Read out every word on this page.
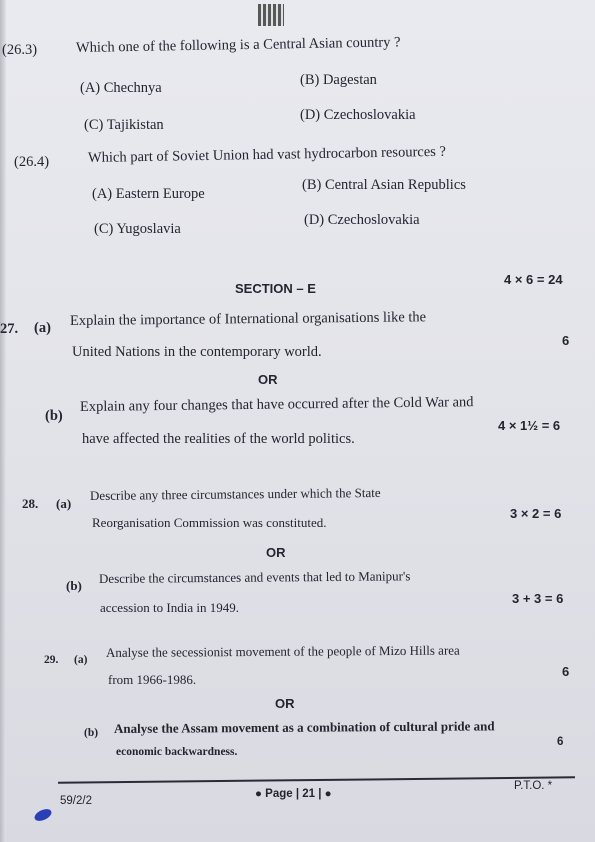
(26.3)	Which one of the following is a Central Asian country ?
(A) Chechnya	(B) Dagestan
(C) Tajikistan
(D) Czechoslovakia
(26.4)	Which part of Soviet Union had vast hydrocarbon resources ?
(A) Eastern Europe
(B) Central Asian Republics
(C) Yugoslavia
(D) Czechoslovakia
SECTION – E
4 × 6 = 24
27. (a) Explain the importance of International organisations like the
United Nations in the contemporary world.
6
OR
(b)
Explain any four changes that have occurred after the Cold War and
have affected the realities of the world politics.
4 × 1½ = 6
28. (a)
Describe any three circumstances under which the State
Reorganisation Commission was constituted.
3 × 2 = 6
OR
(b) Describe the circumstances and events that led to Manipur's
accession to India in 1949.
3 + 3 = 6
29. (a)
Analyse the secessionist movement of the people of Mizo Hills area
from 1966-1986.
6
OR
(b) Analyse the Assam movement as a combination of cultural pride and
economic backwardness.
6
59/2/2
● Page | 21 | ●
P.T.O. *
